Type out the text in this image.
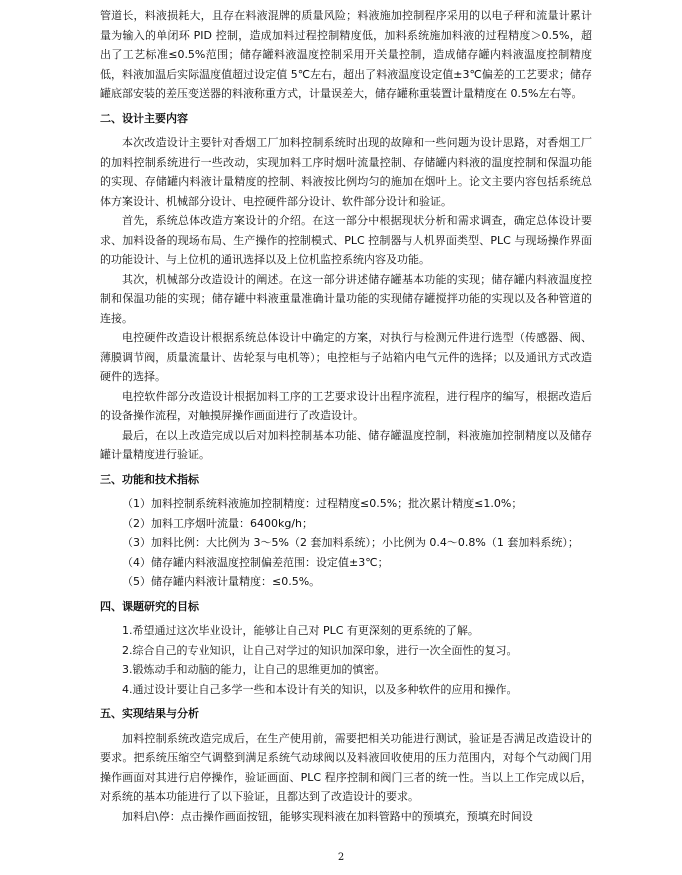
管道长，料液损耗大，且存在料液混牌的质量风险；料液施加控制程序采用的以电子秤和流量计累计量为输入的单闭环 PID 控制，造成加料过程控制精度低，加料系统施加料液的过程精度＞0.5%，超出了工艺标准≤0.5%范围；储存罐料液温度控制采用开关量控制，造成储存罐内料液温度控制精度低，料液加温后实际温度值超过设定值 5℃左右，超出了料液温度设定值±3℃偏差的工艺要求；储存罐底部安装的差压变送器的料液称重方式，计量误差大，储存罐称重装置计量精度在 0.5%左右等。

二、设计主要内容

本次改造设计主要针对香烟工厂加料控制系统时出现的故障和一些问题为设计思路，对香烟工厂的加料控制系统进行一些改动，实现加料工序时烟叶流量控制、存储罐内料液的温度控制和保温功能的实现、存储罐内料液计量精度的控制、料液按比例均匀的施加在烟叶上。论文主要内容包括系统总体方案设计、机械部分设计、电控硬件部分设计、软件部分设计和验证。

首先，系统总体改造方案设计的介绍。在这一部分中根据现状分析和需求调查，确定总体设计要求、加料设备的现场布局、生产操作的控制模式、PLC 控制器与人机界面类型、PLC 与现场操作界面的功能设计、与上位机的通讯选择以及上位机监控系统内容及功能。

其次，机械部分改造设计的阐述。在这一部分讲述储存罐基本功能的实现；储存罐内料液温度控制和保温功能的实现；储存罐中料液重量准确计量功能的实现储存罐搅拌功能的实现以及各种管道的连接。

电控硬件改造设计根据系统总体设计中确定的方案，对执行与检测元件进行选型（传感器、阀、薄膜调节阀，质量流量计、齿轮泵与电机等）；电控柜与子站箱内电气元件的选择；以及通讯方式改造硬件的选择。

电控软件部分改造设计根据加料工序的工艺要求设计出程序流程，进行程序的编写，根据改造后的设备操作流程，对触摸屏操作画面进行了改造设计。

最后，在以上改造完成以后对加料控制基本功能、储存罐温度控制，料液施加控制精度以及储存罐计量精度进行验证。

三、功能和技术指标

（1）加料控制系统料液施加控制精度：过程精度≤0.5%；批次累计精度≤1.0%；

（2）加料工序烟叶流量：6400kg/h；

（3）加料比例：大比例为 3～5%（2 套加料系统）；小比例为 0.4～0.8%（1 套加料系统）；

（4）储存罐内料液温度控制偏差范围：设定值±3℃；

（5）储存罐内料液计量精度：≤0.5%。

四、课题研究的目标

1.希望通过这次毕业设计，能够让自己对 PLC 有更深刻的更系统的了解。

2.综合自己的专业知识，让自己对学过的知识加深印象，进行一次全面性的复习。

3.锻炼动手和动脑的能力，让自己的思维更加的慎密。

4.通过设计要让自己多学一些和本设计有关的知识，以及多种软件的应用和操作。

五、实现结果与分析

加料控制系统改造完成后，在生产使用前，需要把相关功能进行测试，验证是否满足改造设计的要求。把系统压缩空气调整到满足系统气动球阀以及料液回收使用的压力范围内，对每个气动阀门用操作画面对其进行启停操作，验证画面、PLC 程序控制和阀门三者的统一性。当以上工作完成以后，对系统的基本功能进行了以下验证，且都达到了改造设计的要求。

加料启\停：点击操作画面按钮，能够实现料液在加料管路中的预填充，预填充时间设

2
